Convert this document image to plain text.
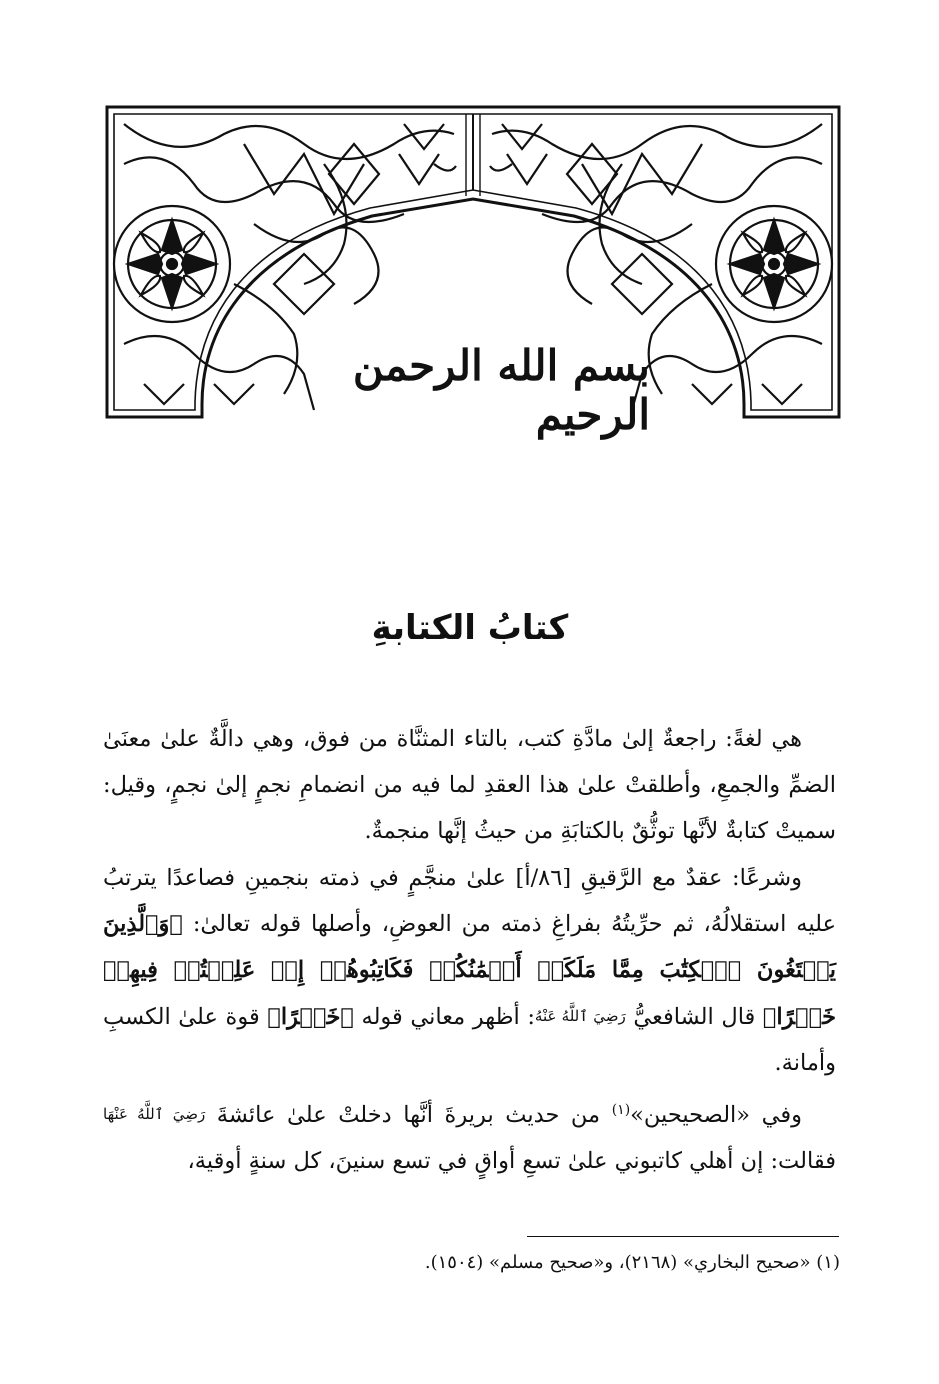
بسم الله الرحمن الرحيم
كتابُ الكتابةِ

هي لغةً: راجعةٌ إلىٰ مادَّةِ كتب، بالتاء المثنَّاة من فوق، وهي دالَّةٌ علىٰ معنَىٰ الضمِّ والجمعِ، وأطلقتْ علىٰ هذا العقدِ لما فيه من انضمامِ نجمٍ إلىٰ نجمٍ، وقيل: سميتْ كتابةٌ لأنَّها توثُّقٌ بالكتابَةِ من حيثُ إنَّها منجمةٌ.

وشرعًا: عقدٌ مع الرَّقيقِ [٨٦/أ] علىٰ منجَّمٍ في ذمته بنجمينِ فصاعدًا يترتبُ عليه استقلالُهُ، ثم حرِّيتُهُ بفراغِ ذمته من العوضِ، وأصلها قوله تعالىٰ: ﴿وَٱلَّذِينَ يَبۡتَغُونَ ٱلۡكِتَٰبَ مِمَّا مَلَكَتۡ أَيۡمَٰنُكُمۡ فَكَاتِبُوهُمۡ إِنۡ عَلِمۡتُمۡ فِيهِمۡ خَيۡرًا﴾ قال الشافعيُّ رَضِيَ ٱللَّهُ عَنْهُ: أظهر معاني قوله ﴿خَيۡرًا﴾ قوة علىٰ الكسبِ وأمانة.

وفي «الصحيحين»$^{(١)}$ من حديث بريرةَ أنَّها دخلتْ علىٰ عائشةَ رَضِيَ ٱللَّهُ عَنْهَا فقالت: إن أهلي كاتبوني علىٰ تسعِ أواقٍ في تسع سنينَ، كل سنةٍ أوقية،

(١) «صحيح البخاري» (٢١٦٨)، و«صحيح مسلم» (١٥٠٤).
